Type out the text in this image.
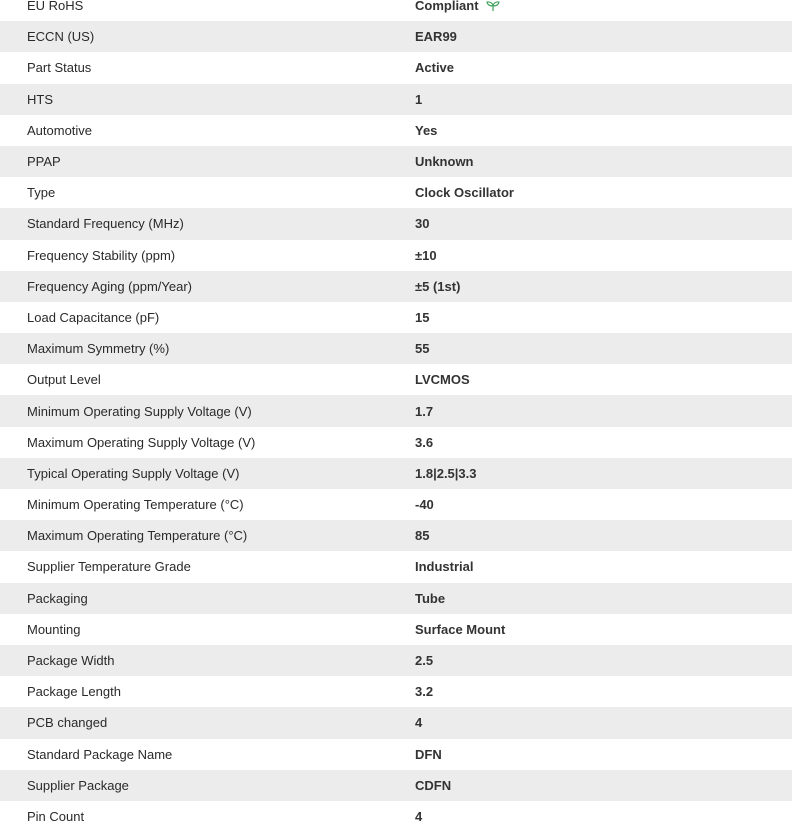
EU RoHS	Compliant
ECCN (US)	EAR99
Part Status	Active
HTS	1
Automotive	Yes
PPAP	Unknown
Type	Clock Oscillator
Standard Frequency (MHz)	30
Frequency Stability (ppm)	±10
Frequency Aging (ppm/Year)	±5 (1st)
Load Capacitance (pF)	15
Maximum Symmetry (%)	55
Output Level	LVCMOS
Minimum Operating Supply Voltage (V)	1.7
Maximum Operating Supply Voltage (V)	3.6
Typical Operating Supply Voltage (V)	1.8|2.5|3.3
Minimum Operating Temperature (°C)	-40
Maximum Operating Temperature (°C)	85
Supplier Temperature Grade	Industrial
Packaging	Tube
Mounting	Surface Mount
Package Width	2.5
Package Length	3.2
PCB changed	4
Standard Package Name	DFN
Supplier Package	CDFN
Pin Count	4
